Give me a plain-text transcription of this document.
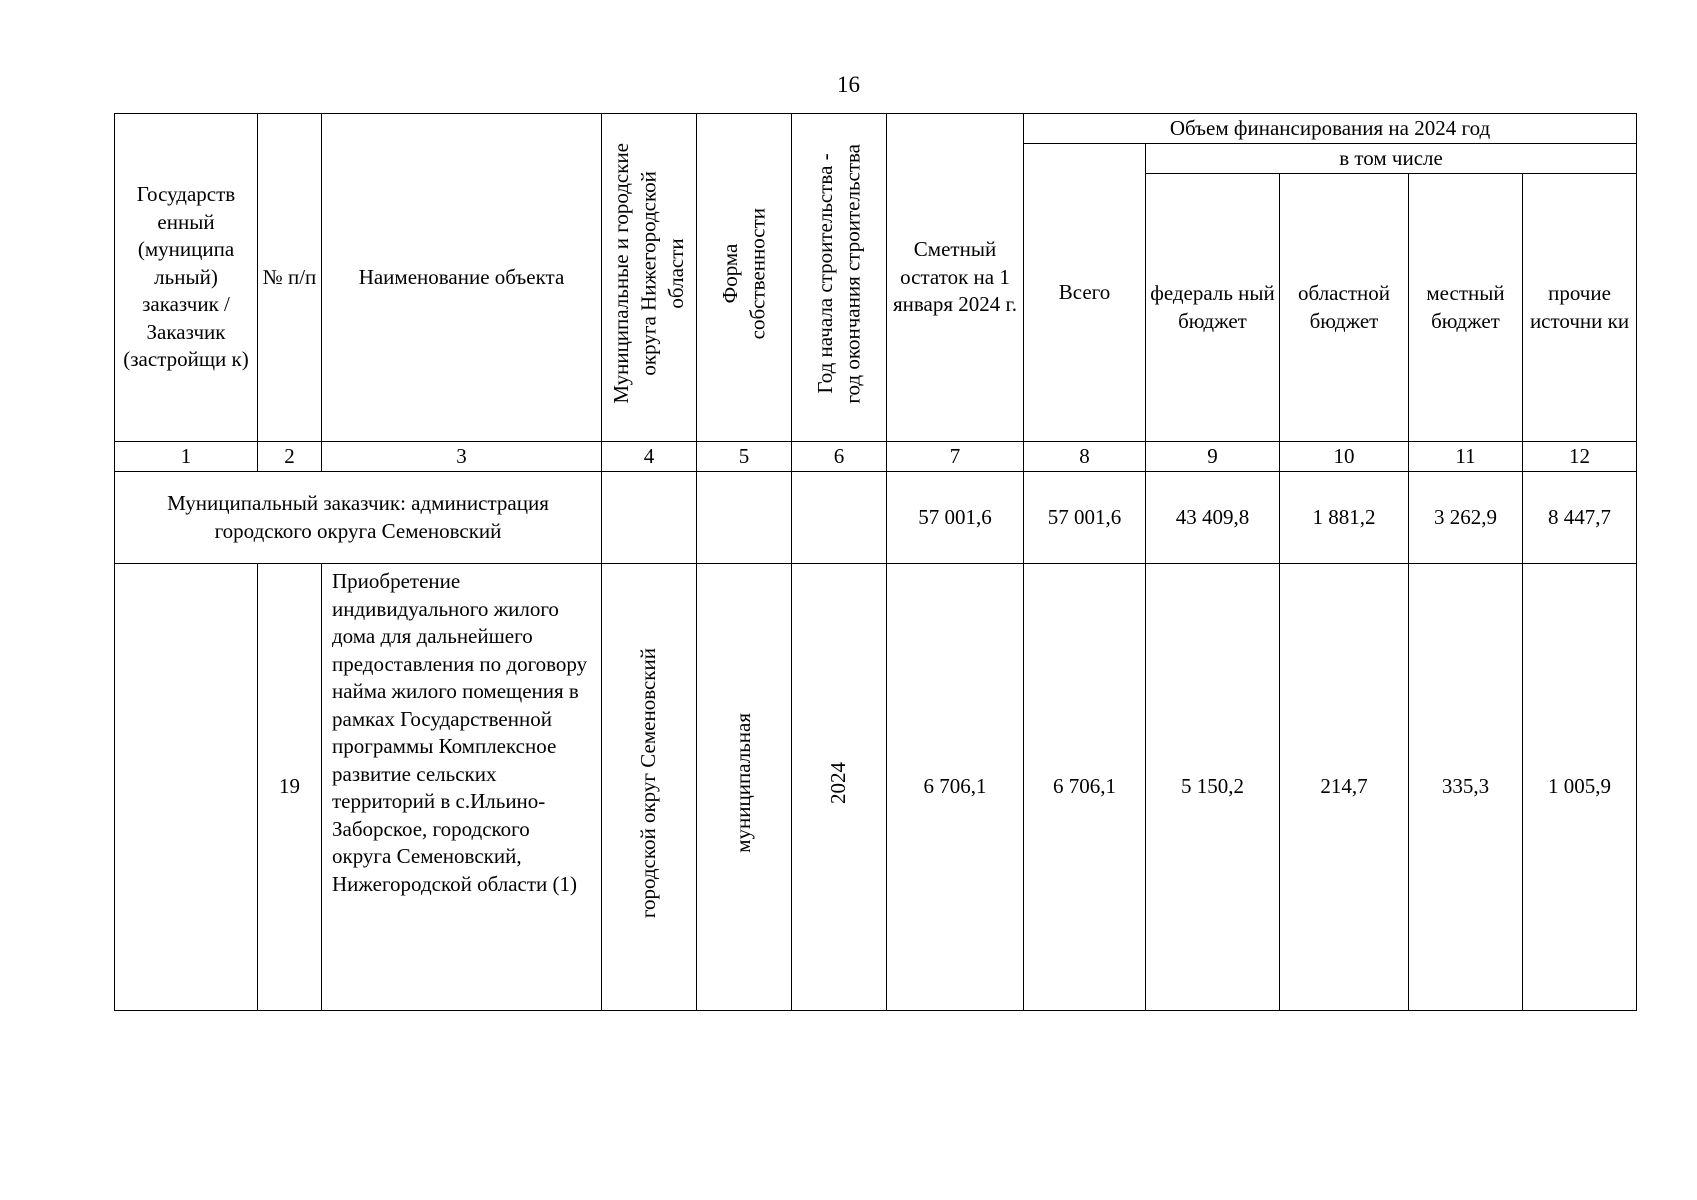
16
Государств енный (муниципа льный) заказчик / Заказчик (застройщи к)	№ п/п	Наименование объекта	Муниципальные и городские округа Нижегородской области	Форма собственности	Год начала строительства - год окончания строительства	Сметный остаток на 1 января 2024 г.	Объем финансирования на 2024 год				
							Всего	в том числе			
								федераль ный бюджет	областной бюджет	местный бюджет	прочие источни ки
1	2	3	4	5	6	7	8	9	10	11	12
Муниципальный заказчик: администрация городского округа Семеновский						57 001,6	57 001,6	43 409,8	1 881,2	3 262,9	8 447,7
	19	Приобретение индивидуального жилого дома для дальнейшего предоставления по договору найма жилого помещения в рамках Государственной программы Комплексное развитие сельских территорий в с.Ильино-Заборское, городского округа Семеновский, Нижегородской области (1)	городской округ Семеновский	муниципальная	2024	6 706,1	6 706,1	5 150,2	214,7	335,3	1 005,9
